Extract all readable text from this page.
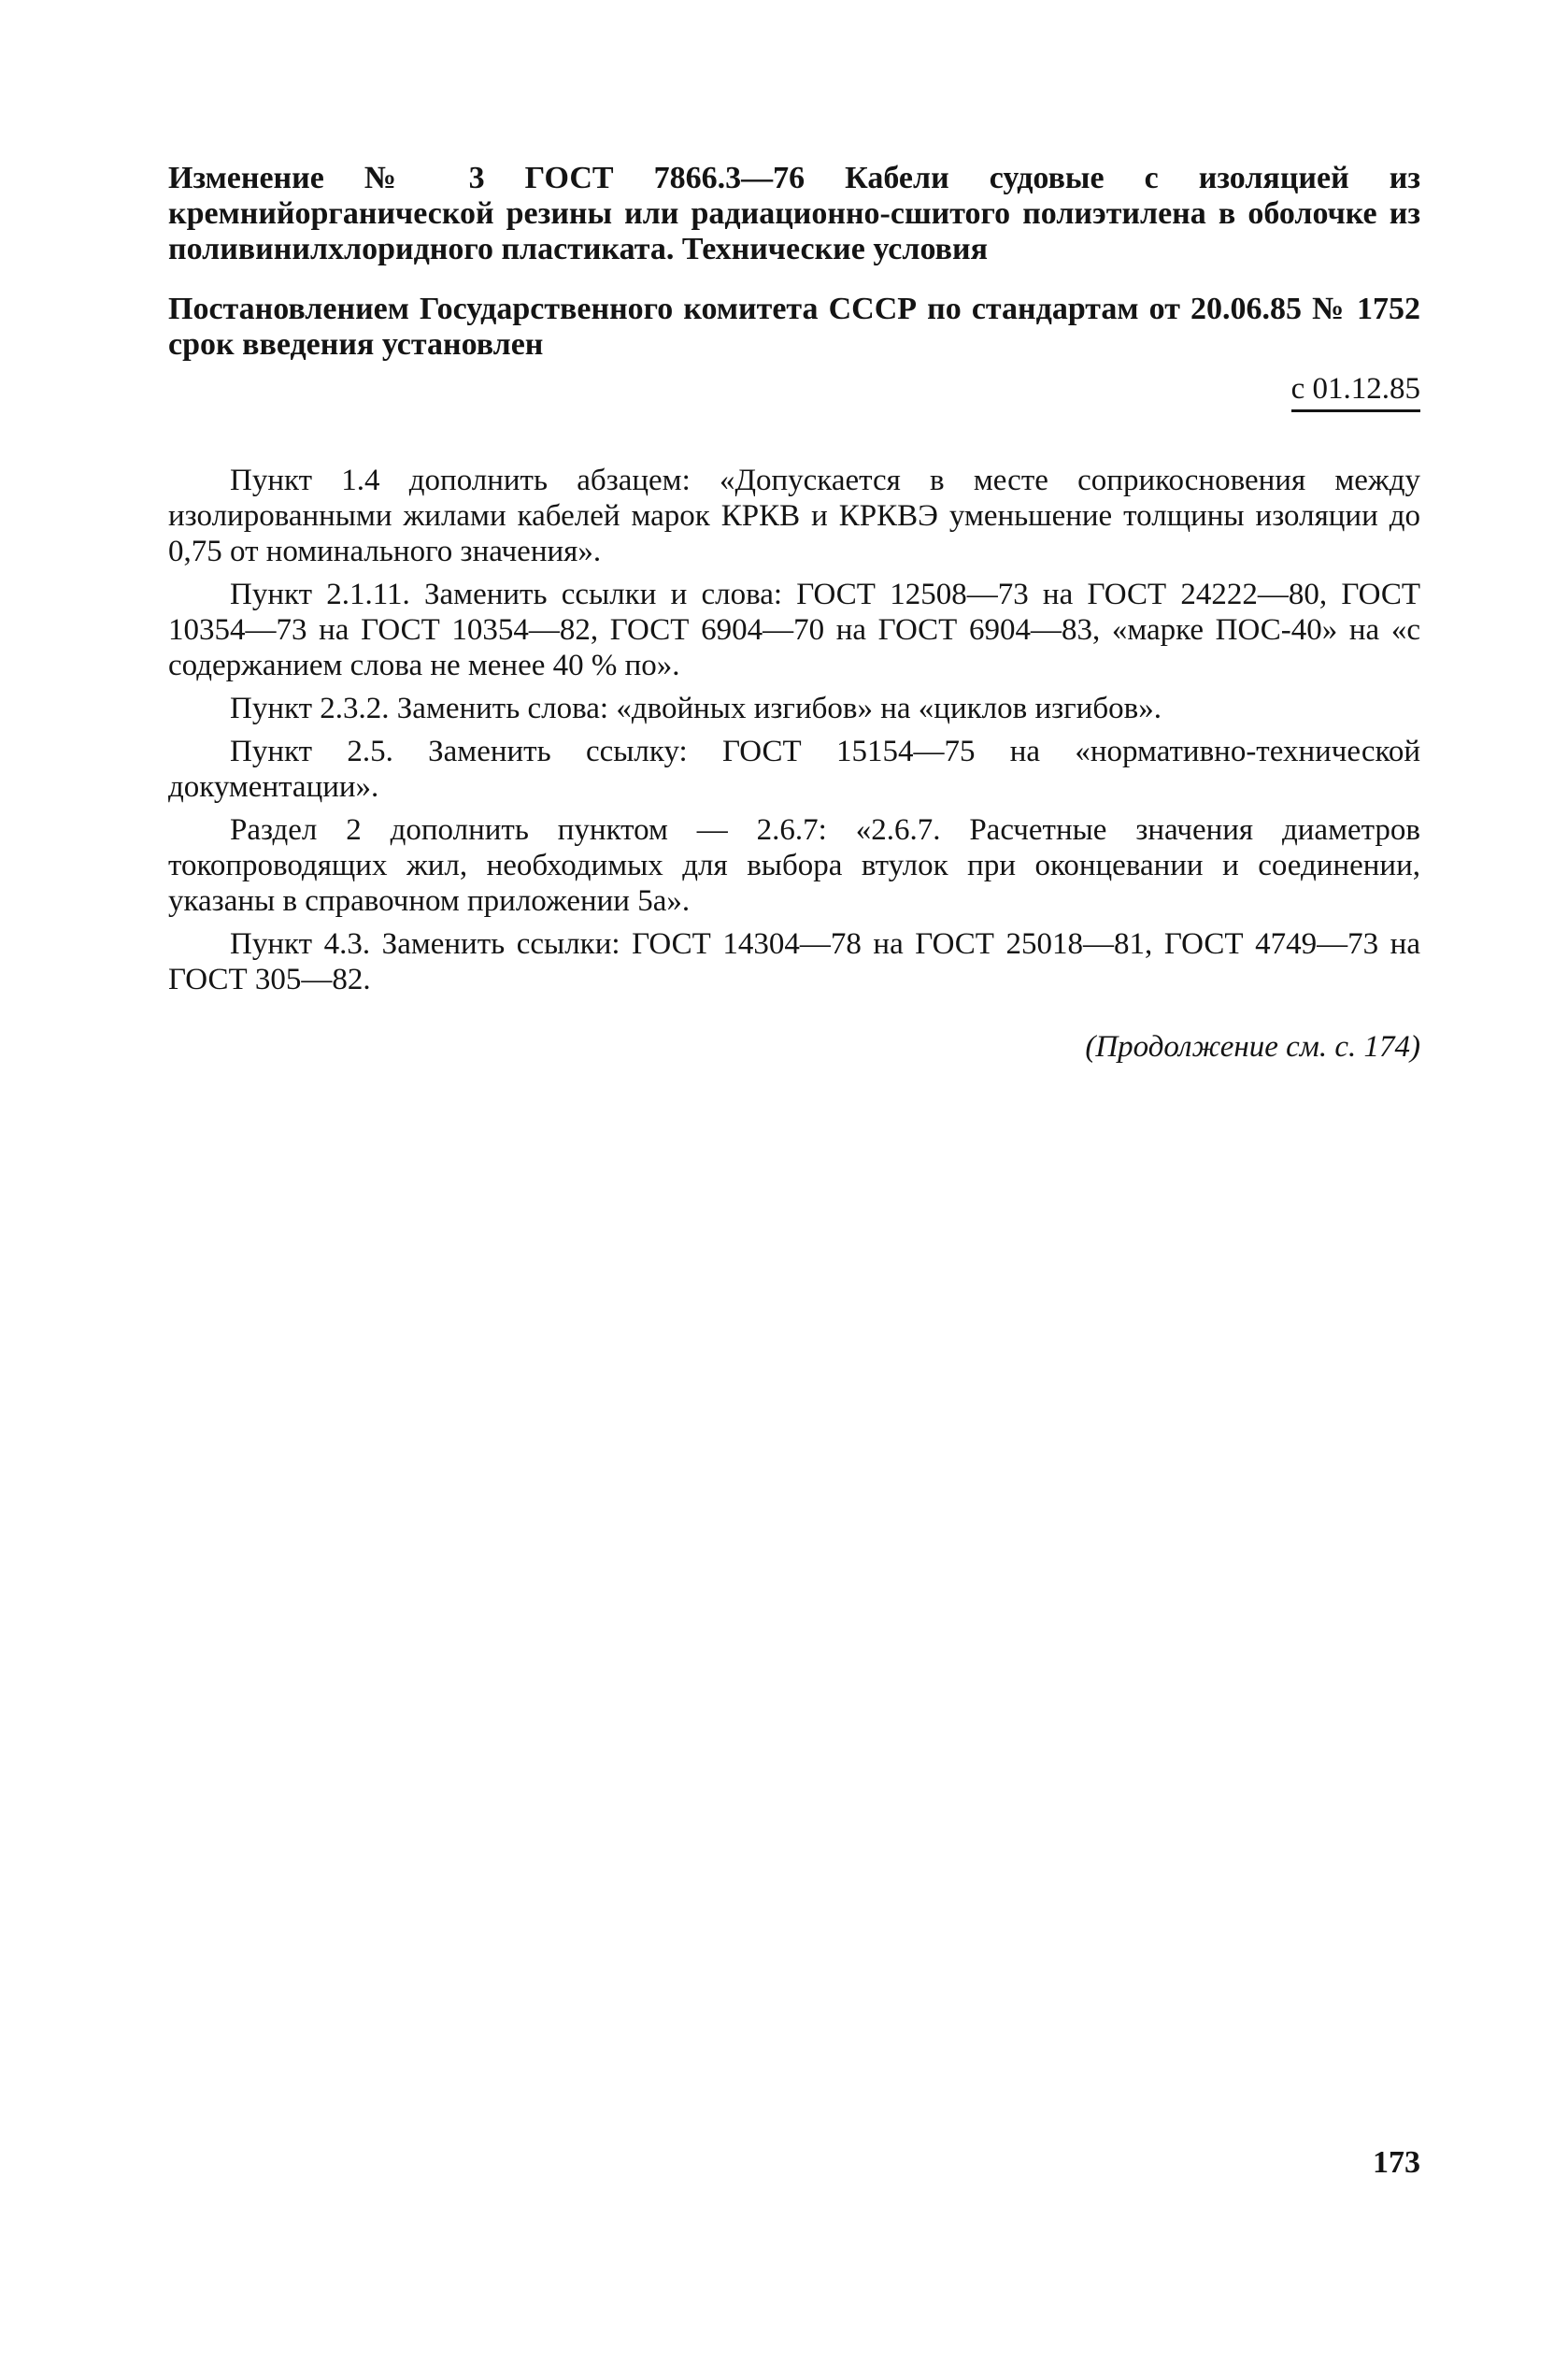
Изменение № 3 ГОСТ 7866.3—76 Кабели судовые с изоляцией из кремнийорганической резины или радиационно-сшитого полиэтилена в оболочке из поливинилхлоридного пластиката. Технические условия

Постановлением Государственного комитета СССР по стандартам от 20.06.85 № 1752 срок введения установлен

с 01.12.85

Пункт 1.4 дополнить абзацем: «Допускается в месте соприкосновения между изолированными жилами кабелей марок КРКВ и КРКВЭ уменьшение толщины изоляции до 0,75 от номинального значения».

Пункт 2.1.11. Заменить ссылки и слова: ГОСТ 12508—73 на ГОСТ 24222—80, ГОСТ 10354—73 на ГОСТ 10354—82, ГОСТ 6904—70 на ГОСТ 6904—83, «марке ПОС-40» на «с содержанием слова не менее 40 % по».

Пункт 2.3.2. Заменить слова: «двойных изгибов» на «циклов изгибов».

Пункт 2.5. Заменить ссылку: ГОСТ 15154—75 на «нормативно-технической документации».

Раздел 2 дополнить пунктом — 2.6.7: «2.6.7. Расчетные значения диаметров токопроводящих жил, необходимых для выбора втулок при оконцевании и соединении, указаны в справочном приложении 5а».

Пункт 4.3. Заменить ссылки: ГОСТ 14304—78 на ГОСТ 25018—81, ГОСТ 4749—73 на ГОСТ 305—82.

(Продолжение см. с. 174)

173
